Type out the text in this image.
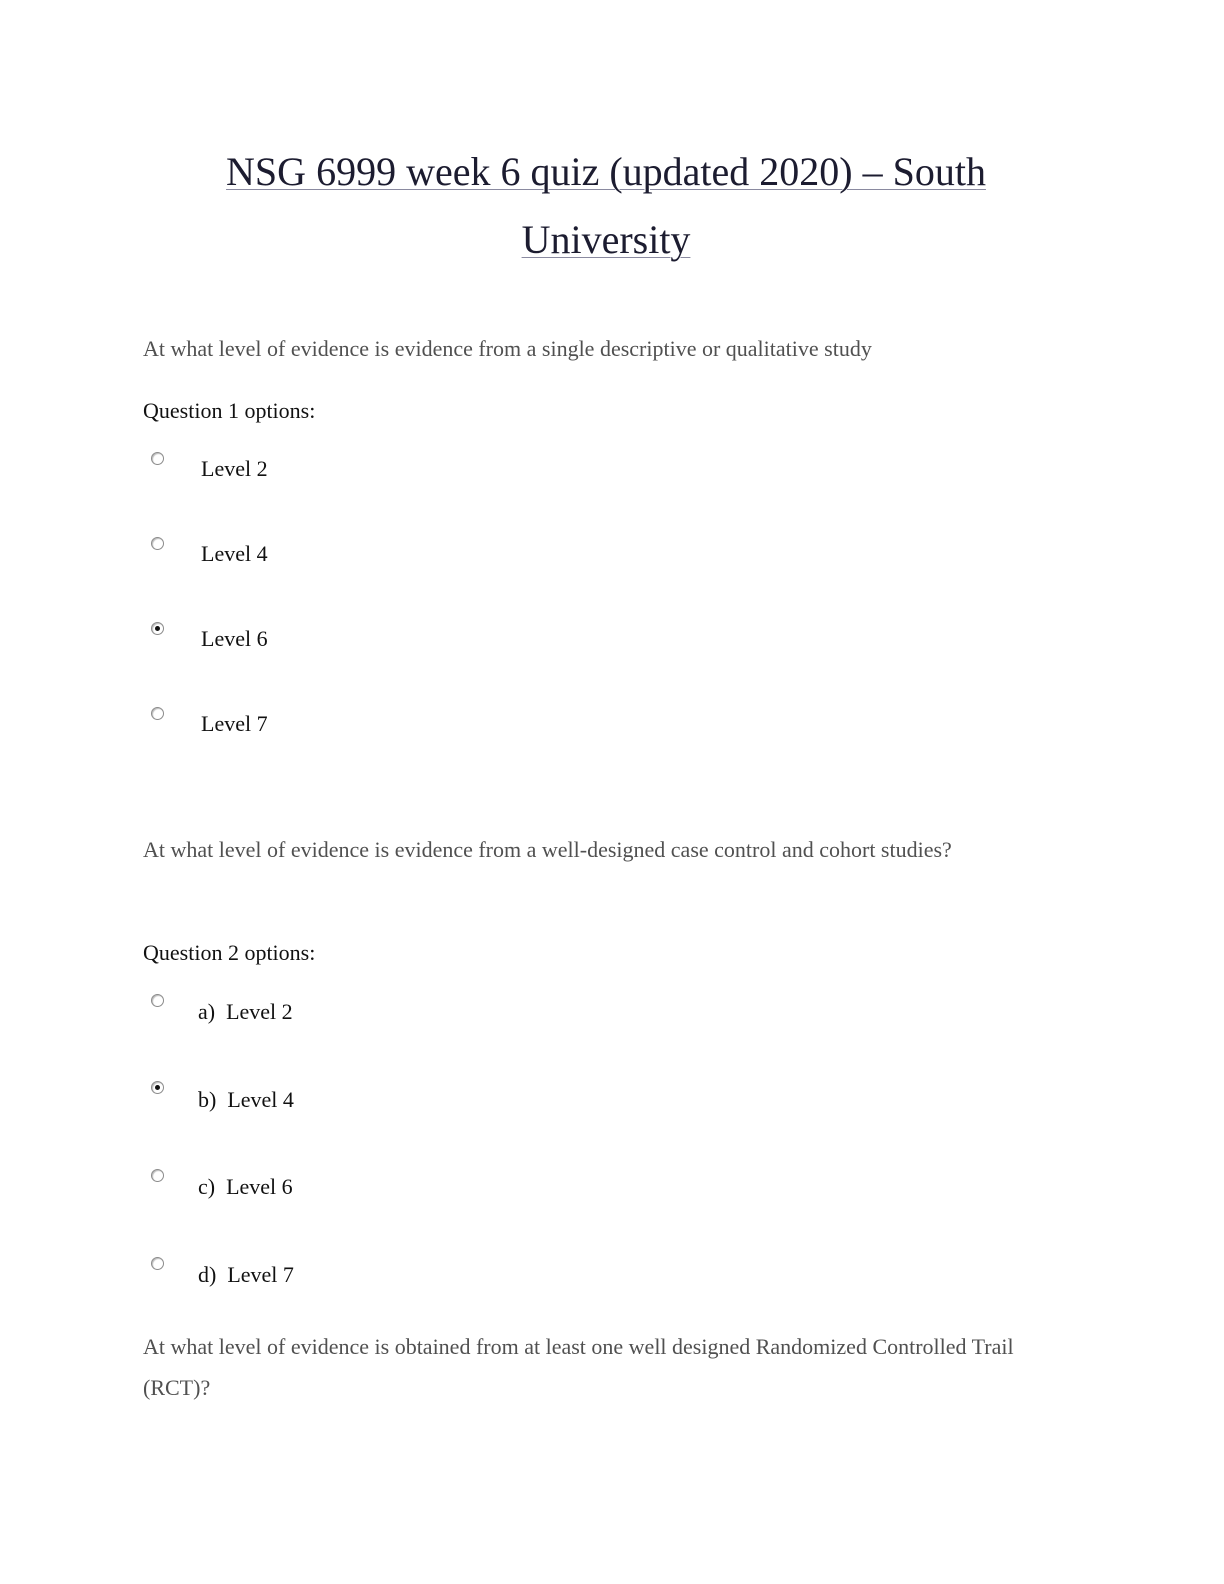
NSG 6999 week 6 quiz (updated 2020) – South University
At what level of evidence is evidence from a single descriptive or qualitative study
Question 1 options:
Level 2
Level 4
Level 6
Level 7
At what level of evidence is evidence from a well-designed case control and cohort studies?
Question 2 options:
a)  Level 2
b)  Level 4
c)  Level 6
d)  Level 7
At what level of evidence is obtained from at least one well designed Randomized Controlled Trail (RCT)?
